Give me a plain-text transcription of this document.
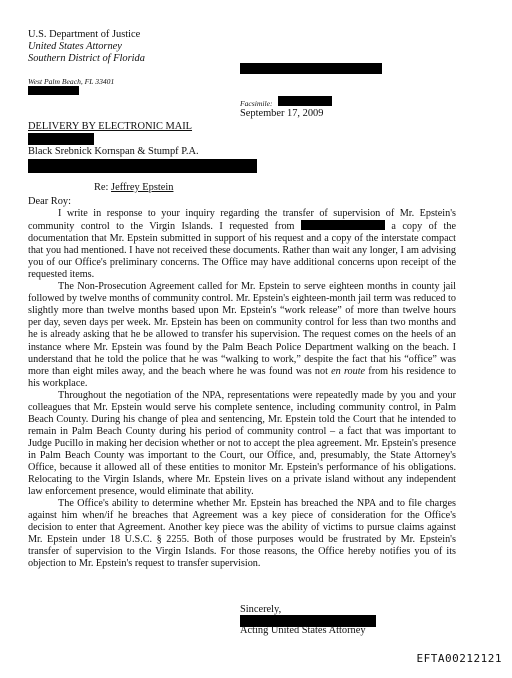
U.S. Department of Justice
United States Attorney
Southern District of Florida
West Palm Beach, FL 33401
Facsimile:
September 17, 2009
DELIVERY BY ELECTRONIC MAIL
Black Srebnick Kornspan & Stumpf P.A.
Re: Jeffrey Epstein
Dear Roy:

I write in response to your inquiry regarding the transfer of supervision of Mr. Epstein's community control to the Virgin Islands. I requested from	a copy of the documentation that Mr. Epstein submitted in support of his request and a copy of the interstate compact that you had mentioned. I have not received these documents. Rather than wait any longer, I am advising you of our Office's preliminary concerns. The Office may have additional concerns upon receipt of the requested items.

The Non-Prosecution Agreement called for Mr. Epstein to serve eighteen months in county jail followed by twelve months of community control. Mr. Epstein's eighteen-month jail term was reduced to slightly more than twelve months based upon Mr. Epstein's “work release” of more than twelve hours per day, seven days per week. Mr. Epstein has been on community control for less than two months and he is already asking that he be allowed to transfer his supervision. The request comes on the heels of an instance where Mr. Epstein was found by the Palm Beach Police Department walking on the beach. I understand that he told the police that he was “walking to work,” despite the fact that his “office” was more than eight miles away, and the beach where he was found was not en route from his residence to his workplace.

Throughout the negotiation of the NPA, representations were repeatedly made by you and your colleagues that Mr. Epstein would serve his complete sentence, including community control, in Palm Beach County. During his change of plea and sentencing, Mr. Epstein told the Court that he intended to remain in Palm Beach County during his period of community control – a fact that was important to Judge Pucillo in making her decision whether or not to accept the plea agreement. Mr. Epstein's presence in Palm Beach County was important to the Court, our Office, and, presumably, the State Attorney's Office, because it allowed all of these entities to monitor Mr. Epstein's performance of his obligations. Relocating to the Virgin Islands, where Mr. Epstein lives on a private island without any independent law enforcement presence, would eliminate that ability.

The Office's ability to determine whether Mr. Epstein has breached the NPA and to file charges against him when/if he breaches that Agreement was a key piece of consideration for the Office's decision to enter that Agreement. Another key piece was the ability of victims to pursue claims against Mr. Epstein under 18 U.S.C. § 2255. Both of those purposes would be frustrated by Mr. Epstein's transfer of supervision to the Virgin Islands. For those reasons, the Office hereby notifies you of its objection to Mr. Epstein's request to transfer supervision.

Sincerely,
Acting United States Attorney
EFTA00212121
